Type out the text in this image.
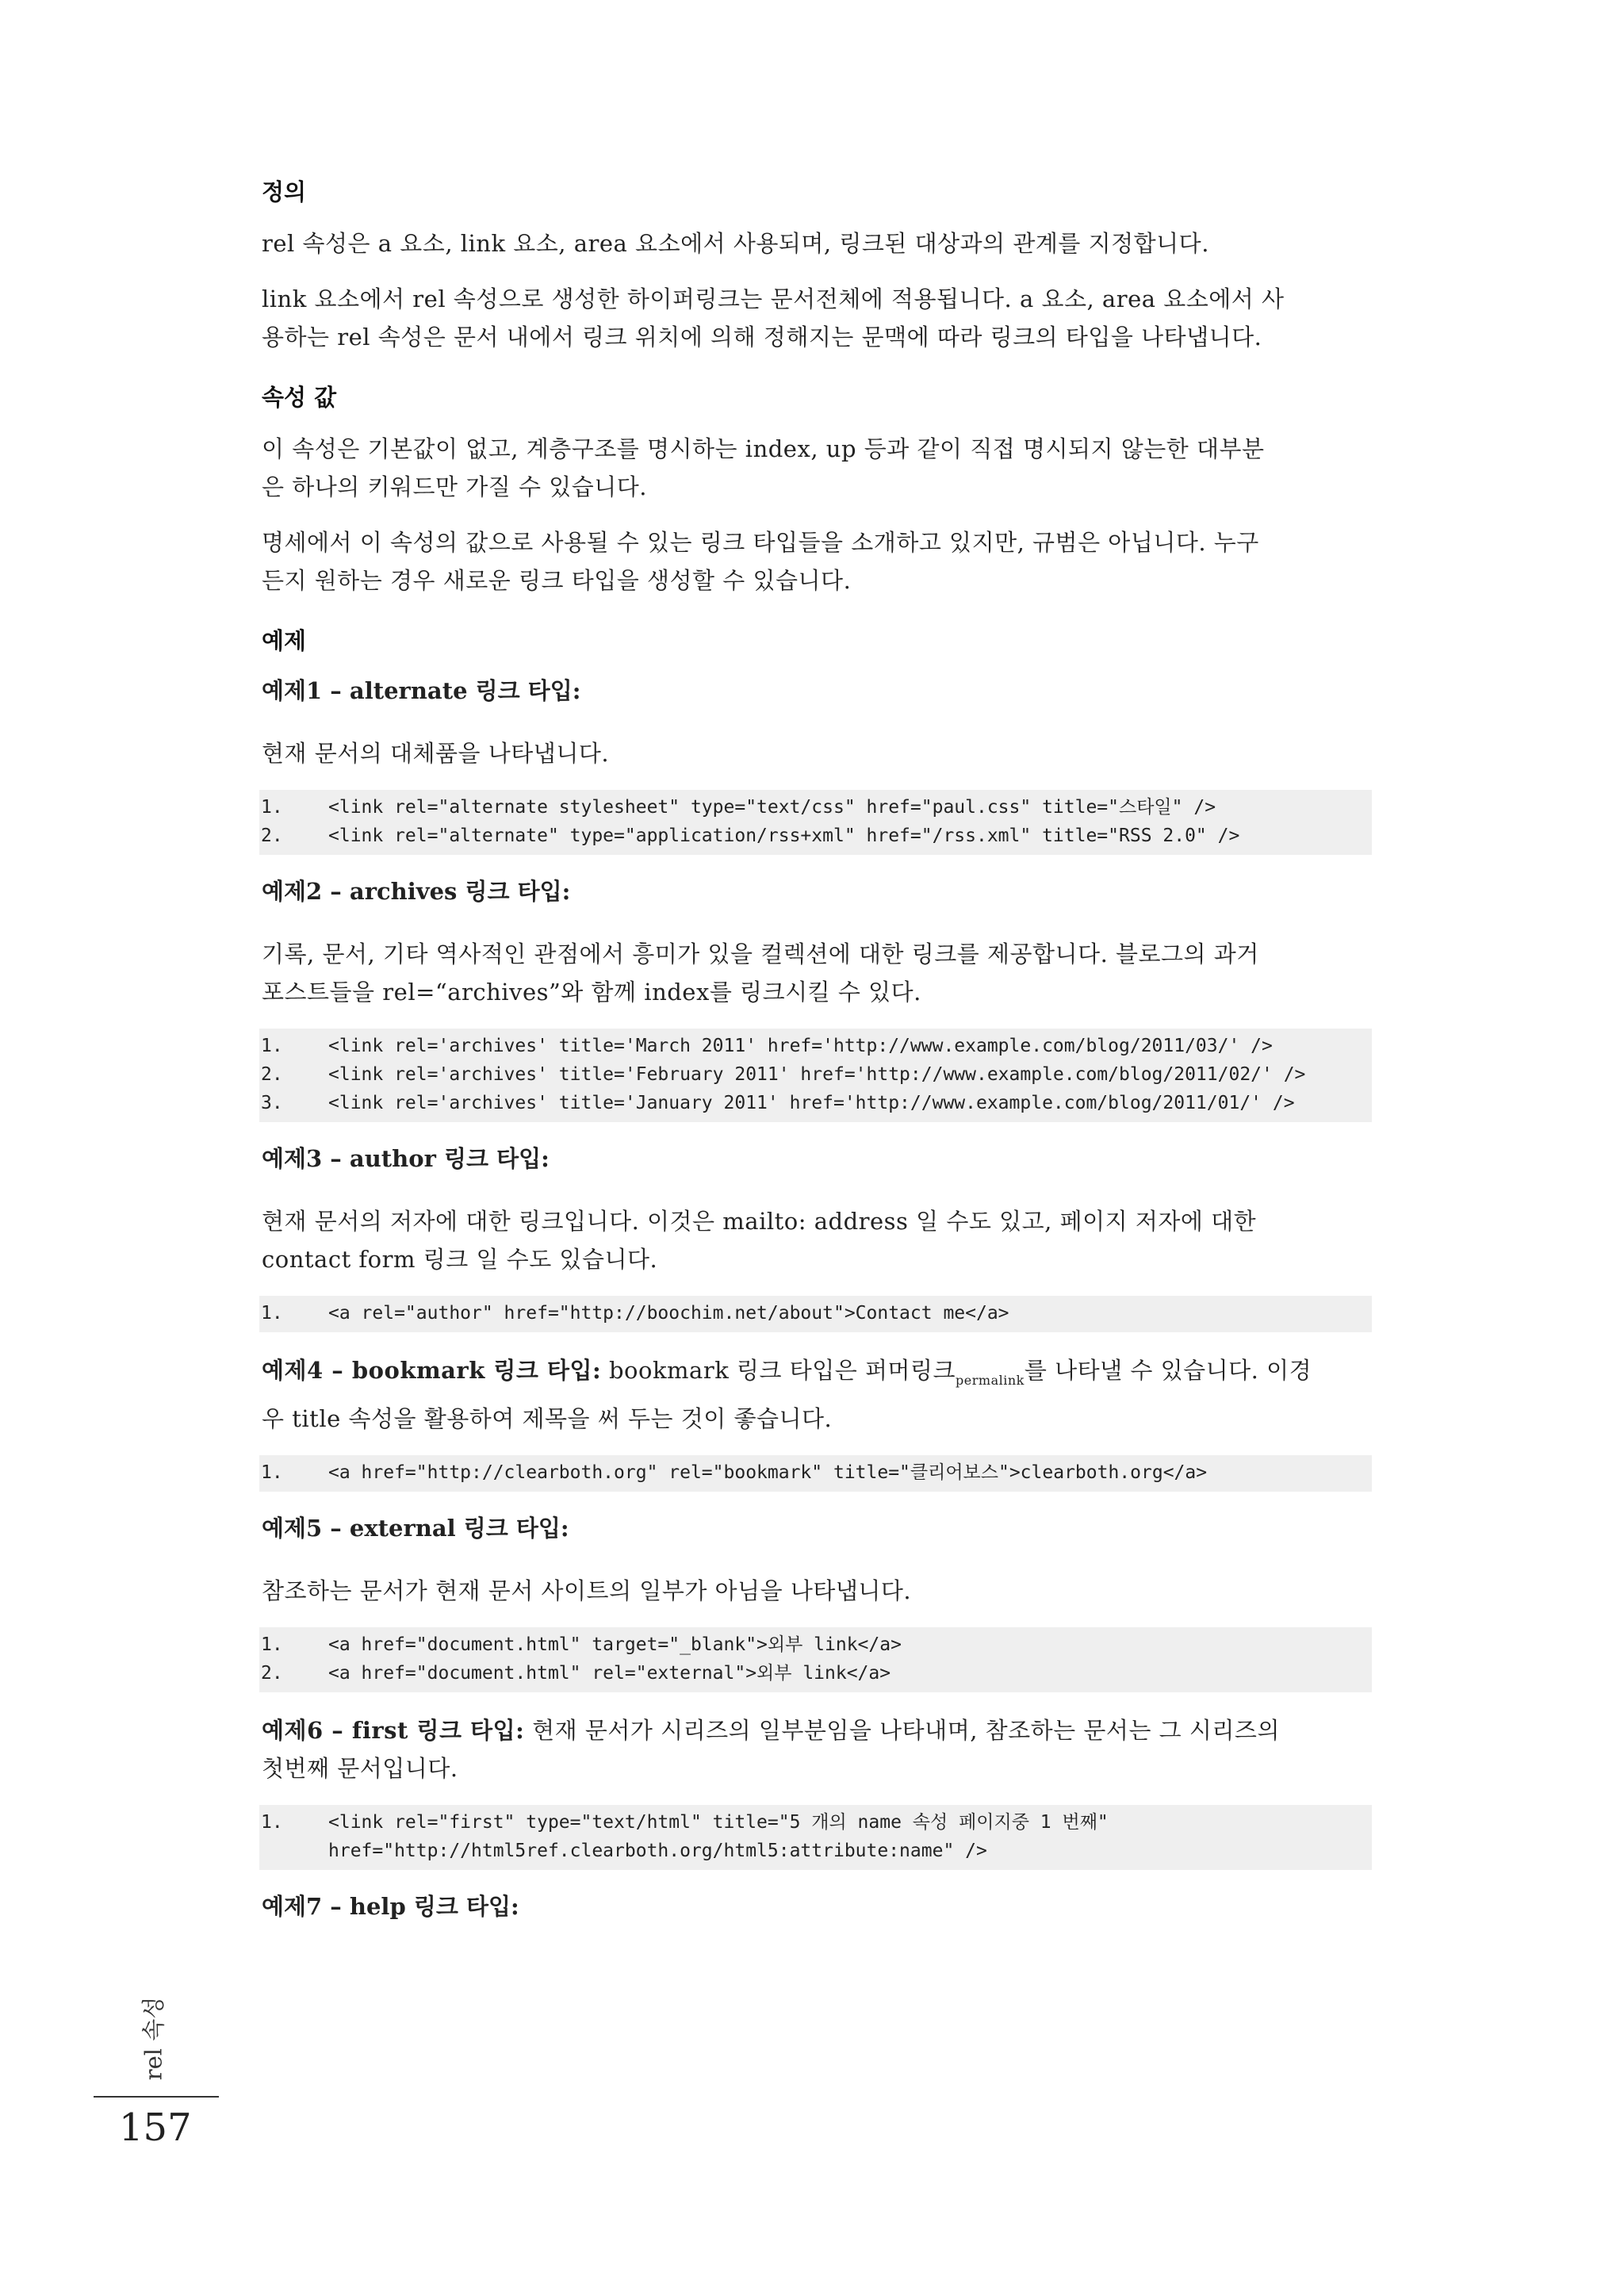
정의
rel 속성은 a 요소, link 요소, area 요소에서 사용되며, 링크된 대상과의 관계를 지정합니다.
link 요소에서 rel 속성으로 생성한 하이퍼링크는 문서전체에 적용됩니다. a 요소, area 요소에서 사
용하는 rel 속성은 문서 내에서 링크 위치에 의해 정해지는 문맥에 따라 링크의 타입을 나타냅니다.
속성 값
이 속성은 기본값이 없고, 계층구조를 명시하는 index, up 등과 같이 직접 명시되지 않는한 대부분
은 하나의 키워드만 가질 수 있습니다.
명세에서 이 속성의 값으로 사용될 수 있는 링크 타입들을 소개하고 있지만, 규범은 아닙니다. 누구
든지 원하는 경우 새로운 링크 타입을 생성할 수 있습니다.
예제
예제1 – alternate 링크 타입:
현재 문서의 대체품을 나타냅니다.
1.	<link rel="alternate stylesheet" type="text/css" href="paul.css" title="스타일" />
2.	<link rel="alternate" type="application/rss+xml" href="/rss.xml" title="RSS 2.0" />
예제2 – archives 링크 타입:
기록, 문서, 기타 역사적인 관점에서 흥미가 있을 컬렉션에 대한 링크를 제공합니다. 블로그의 과거
포스트들을 rel=“archives”와 함께 index를 링크시킬 수 있다.
1.	<link rel='archives' title='March 2011' href='http://www.example.com/blog/2011/03/' />
2.	<link rel='archives' title='February 2011' href='http://www.example.com/blog/2011/02/' />
3.	<link rel='archives' title='January 2011' href='http://www.example.com/blog/2011/01/' />
예제3 – author 링크 타입:
현재 문서의 저자에 대한 링크입니다. 이것은 mailto: address 일 수도 있고, 페이지 저자에 대한
contact form 링크 일 수도 있습니다.
1.	<a rel="author" href="http://boochim.net/about">Contact me</a>
예제4 – bookmark 링크 타입: bookmark 링크 타입은 퍼머링크$_{permalink}$를 나타낼 수 있습니다. 이경
우 title 속성을 활용하여 제목을 써 두는 것이 좋습니다.
1.	<a href="http://clearboth.org" rel="bookmark" title="클리어보스">clearboth.org</a>
예제5 – external 링크 타입:
참조하는 문서가 현재 문서 사이트의 일부가 아님을 나타냅니다.
1.	<a href="document.html" target="_blank">외부 link</a>
2.	<a href="document.html" rel="external">외부 link</a>
예제6 – first 링크 타입: 현재 문서가 시리즈의 일부분임을 나타내며, 참조하는 문서는 그 시리즈의
첫번째 문서입니다.
1.	<link rel="first" type="text/html" title="5 개의 name 속성 페이지중 1 번째"
href="http://html5ref.clearboth.org/html5:attribute:name" />
예제7 – help 링크 타입:
rel 속성
157
